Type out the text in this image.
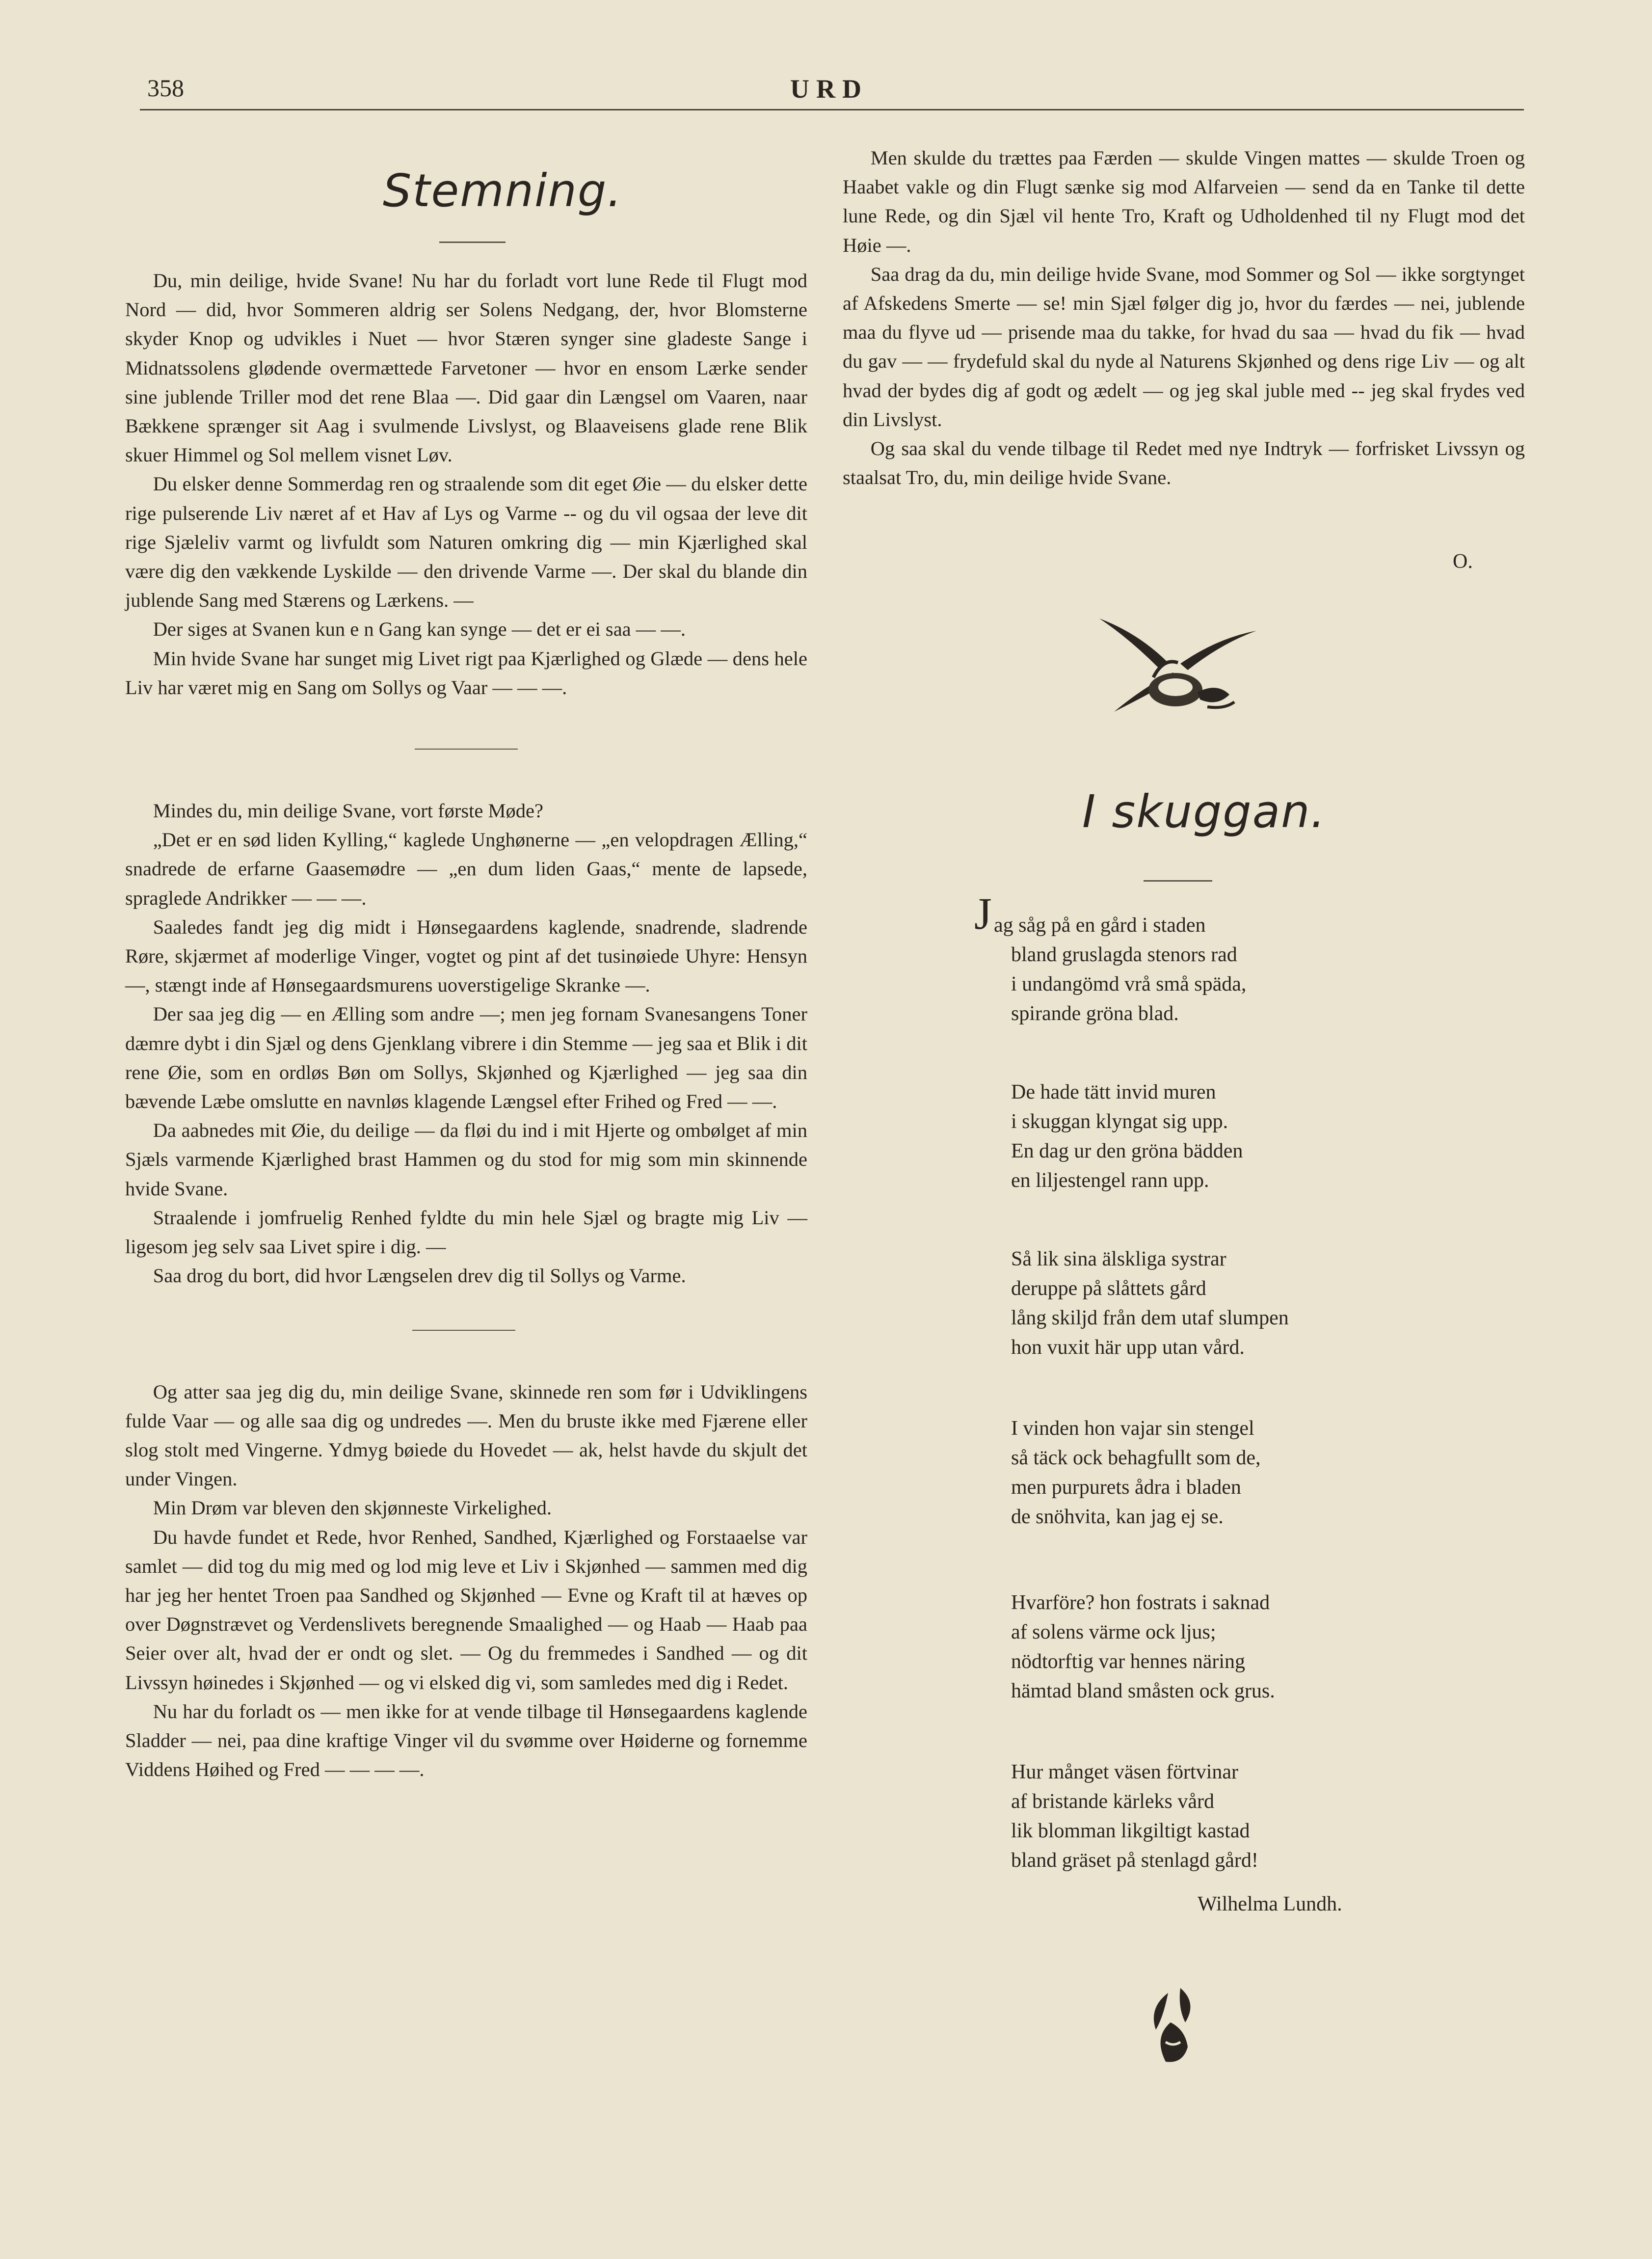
358	URD
Stemning.

Du, min deilige, hvide Svane! Nu har du forladt vort lune Rede til Flugt mod Nord — did, hvor Sommeren aldrig ser Solens Nedgang, der, hvor Blomsterne skyder Knop og udvikles i Nuet — hvor Stæren synger sine gladeste Sange i Midnatssolens glødende overmættede Farvetoner — hvor en ensom Lærke sender sine jublende Triller mod det rene Blaa —. Did gaar din Længsel om Vaaren, naar Bækkene sprænger sit Aag i svulmende Livslyst, og Blaaveisens glade rene Blik skuer Himmel og Sol mellem visnet Løv.

Du elsker denne Sommerdag ren og straalende som dit eget Øie — du elsker dette rige pulserende Liv næret af et Hav af Lys og Varme -- og du vil ogsaa der leve dit rige Sjæleliv varmt og livfuldt som Naturen omkring dig — min Kjærlighed skal være dig den vækkende Lyskilde — den drivende Varme —. Der skal du blande din jublende Sang med Stærens og Lærkens. —

Der siges at Svanen kun e n Gang kan synge — det er ei saa — —.

Min hvide Svane har sunget mig Livet rigt paa Kjærlighed og Glæde — dens hele Liv har været mig en Sang om Sollys og Vaar — — —.

Mindes du, min deilige Svane, vort første Møde?

„Det er en sød liden Kylling,“ kaglede Unghønerne — „en velopdragen Ælling,“ snadrede de erfarne Gaasemødre — „en dum liden Gaas,“ mente de lapsede, spraglede Andrikker — — —.

Saaledes fandt jeg dig midt i Hønsegaardens kaglende, snadrende, sladrende Røre, skjærmet af moderlige Vinger, vogtet og pint af det tusinøiede Uhyre: Hensyn —, stængt inde af Hønsegaardsmurens uoverstigelige Skranke —.

Der saa jeg dig — en Ælling som andre —; men jeg fornam Svanesangens Toner dæmre dybt i din Sjæl og dens Gjenklang vibrere i din Stemme — jeg saa et Blik i dit rene Øie, som en ordløs Bøn om Sollys, Skjønhed og Kjærlighed — jeg saa din bævende Læbe omslutte en navnløs klagende Længsel efter Frihed og Fred — —.

Da aabnedes mit Øie, du deilige — da fløi du ind i mit Hjerte og ombølget af min Sjæls varmende Kjærlighed brast Hammen og du stod for mig som min skinnende hvide Svane.

Straalende i jomfruelig Renhed fyldte du min hele Sjæl og bragte mig Liv — ligesom jeg selv saa Livet spire i dig. —

Saa drog du bort, did hvor Længselen drev dig til Sollys og Varme.

Og atter saa jeg dig du, min deilige Svane, skinnede ren som før i Udviklingens fulde Vaar — og alle saa dig og undredes —. Men du bruste ikke med Fjærene eller slog stolt med Vingerne. Ydmyg bøiede du Hovedet — ak, helst havde du skjult det under Vingen.

Min Drøm var bleven den skjønneste Virkelighed.

Du havde fundet et Rede, hvor Renhed, Sandhed, Kjærlighed og Forstaaelse var samlet — did tog du mig med og lod mig leve et Liv i Skjønhed — sammen med dig har jeg her hentet Troen paa Sandhed og Skjønhed — Evne og Kraft til at hæves op over Døgnstrævet og Verdenslivets beregnende Smaalighed — og Haab — Haab paa Seier over alt, hvad der er ondt og slet. — Og du fremmedes i Sandhed — og dit Livssyn høinedes i Skjønhed — og vi elsked dig vi, som samledes med dig i Redet.

Nu har du forladt os — men ikke for at vende tilbage til Hønsegaardens kaglende Sladder — nei, paa dine kraftige Vinger vil du svømme over Høiderne og fornemme Viddens Høihed og Fred — — — —.

Men skulde du trættes paa Færden — skulde Vingen mattes — skulde Troen og Haabet vakle og din Flugt sænke sig mod Alfarveien — send da en Tanke til dette lune Rede, og din Sjæl vil hente Tro, Kraft og Udholdenhed til ny Flugt mod det Høie —.

Saa drag da du, min deilige hvide Svane, mod Sommer og Sol — ikke sorgtynget af Afskedens Smerte — se! min Sjæl følger dig jo, hvor du færdes — nei, jublende maa du flyve ud — prisende maa du takke, for hvad du saa — hvad du fik — hvad du gav — — frydefuld skal du nyde al Naturens Skjønhed og dens rige Liv — og alt hvad der bydes dig af godt og ædelt — og jeg skal juble med -- jeg skal frydes ved din Livslyst.

Og saa skal du vende tilbage til Redet med nye Indtryk — forfrisket Livssyn og staalsat Tro, du, min deilige hvide Svane.

O.
I skuggan.
J ag såg på en gård i staden
bland gruslagda stenors rad
i undangömd vrå små späda,
spirande gröna blad.
De hade tätt invid muren
i skuggan klyngat sig upp.
En dag ur den gröna bädden
en liljestengel rann upp.
Så lik sina älskliga systrar
deruppe på slåttets gård
lång skiljd från dem utaf slumpen
hon vuxit här upp utan vård.
I vinden hon vajar sin stengel
så täck ock behagfullt som de,
men purpurets ådra i bladen
de snöhvita, kan jag ej se.
Hvarföre? hon fostrats i saknad
af solens värme ock ljus;
nödtorftig var hennes näring
hämtad bland småsten ock grus.
Hur månget väsen förtvinar
af bristande kärleks vård
lik blomman likgiltigt kastad
bland gräset på stenlagd gård!
Wilhelma Lundh.
